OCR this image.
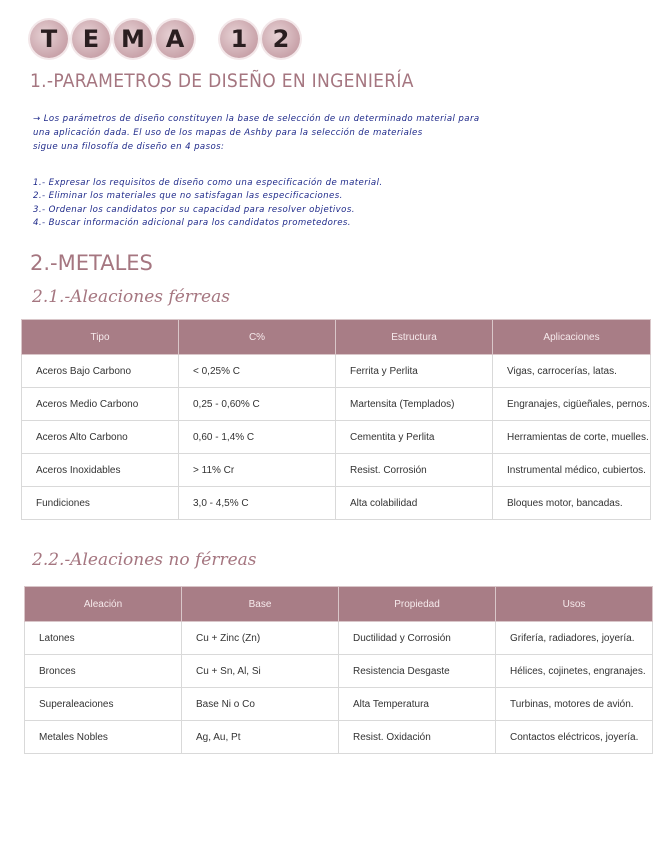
T	E M A	1	2
1.-PARAMETROS DE DISEÑO EN INGENIERÍA
→ Los parámetros de diseño constituyen la base de selección de un determinado material para
una aplicación dada. El uso de los mapas de Ashby para la selección de materiales
sigue una filosofía de diseño en 4 pasos:
1.- Expresar los requisitos de diseño como una especificación de material.
2.- Eliminar los materiales que no satisfagan las especificaciones.
3.- Ordenar los candidatos por su capacidad para resolver objetivos.
4.- Buscar información adicional para los candidatos prometedores.
2.-METALES
2.1.-Aleaciones férreas
Tipo	C%	Estructura	Aplicaciones
Aceros Bajo Carbono	< 0,25% C	Ferrita y Perlita	Vigas, carrocerías, latas.
Aceros Medio Carbono	0,25 - 0,60% C	Martensita (Templados)	Engranajes, cigüeñales, pernos.
Aceros Alto Carbono	0,60 - 1,4% C	Cementita y Perlita	Herramientas de corte, muelles.
Aceros Inoxidables	> 11% Cr	Resist. Corrosión	Instrumental médico, cubiertos.
Fundiciones	3,0 - 4,5% C	Alta colabilidad	Bloques motor, bancadas.
2.2.-Aleaciones no férreas
Aleación	Base	Propiedad	Usos
Latones	Cu + Zinc (Zn)	Ductilidad y Corrosión	Grifería, radiadores, joyería.
Bronces	Cu + Sn, Al, Si	Resistencia Desgaste	Hélices, cojinetes, engranajes.
Superaleaciones	Base Ni o Co	Alta Temperatura	Turbinas, motores de avión.
Metales Nobles	Ag, Au, Pt	Resist. Oxidación	Contactos eléctricos, joyería.
